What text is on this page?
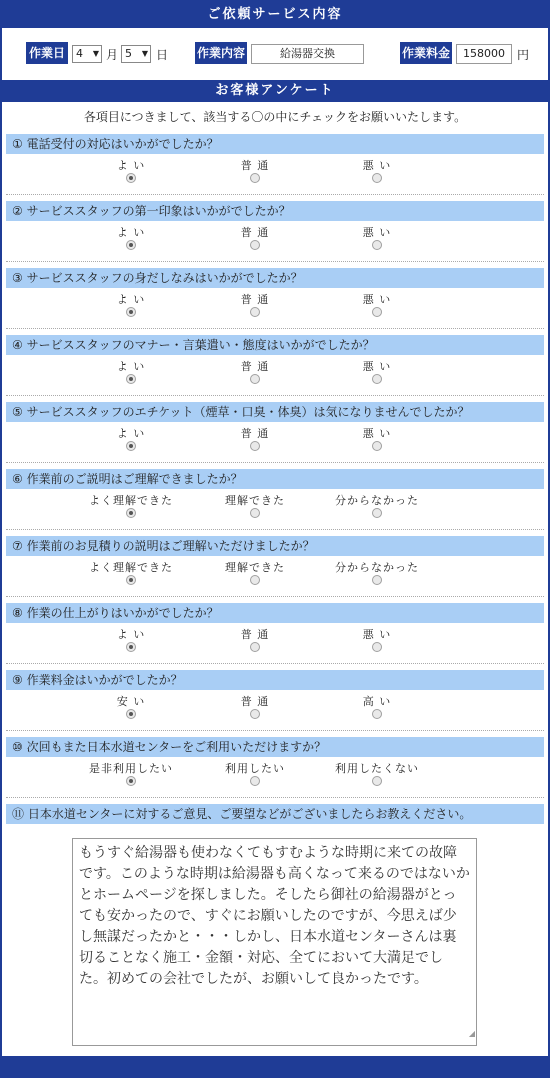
ご依頼サービス内容
作業日	4 ▼ 月 5 ▼ 日 作業内容	給湯器交換	作業料金	158000	円
お客様アンケート
各項目につきまして、該当する〇の中にチェックをお願いいたします。
① 電話受付の対応はいかがでしたか？
よ い	普 通	悪 い
② サービススタッフの第一印象はいかがでしたか？
よ い	普 通	悪 い
③ サービススタッフの身だしなみはいかがでしたか？
よ い	普 通	悪 い
④ サービススタッフのマナー・言葉遣い・態度はいかがでしたか？
よ い	普 通	悪 い
⑤ サービススタッフのエチケット（煙草・口臭・体臭）は気になりませんでしたか？
よ い	普 通	悪 い
⑥ 作業前のご説明はご理解できましたか？
よく理解できた	理解できた	分からなかった
⑦ 作業前のお見積りの説明はご理解いただけましたか？
よく理解できた	理解できた	分からなかった
⑧ 作業の仕上がりはいかがでしたか？
よ い	普 通	悪 い
⑨ 作業料金はいかがでしたか？
安 い	普 通	高 い
⑩ 次回もまた日本水道センターをご利用いただけますか？
是非利用したい	利用したい	利用したくない
⑪ 日本水道センターに対するご意見、ご要望などがございましたらお教えください。
もうすぐ給湯器も使わなくてもすむような時期に来ての故障です。このような時期は給湯器も高くなって来るのではないかとホームページを探しました。そしたら御社の給湯器がとっても安かったので、すぐにお願いしたのですが、今思えば少し無謀だったかと・・・しかし、日本水道センターさんは裏切ることなく施工・金額・対応、全てにおいて大満足でした。初めての会社でしたが、お願いして良かったです。
◢
